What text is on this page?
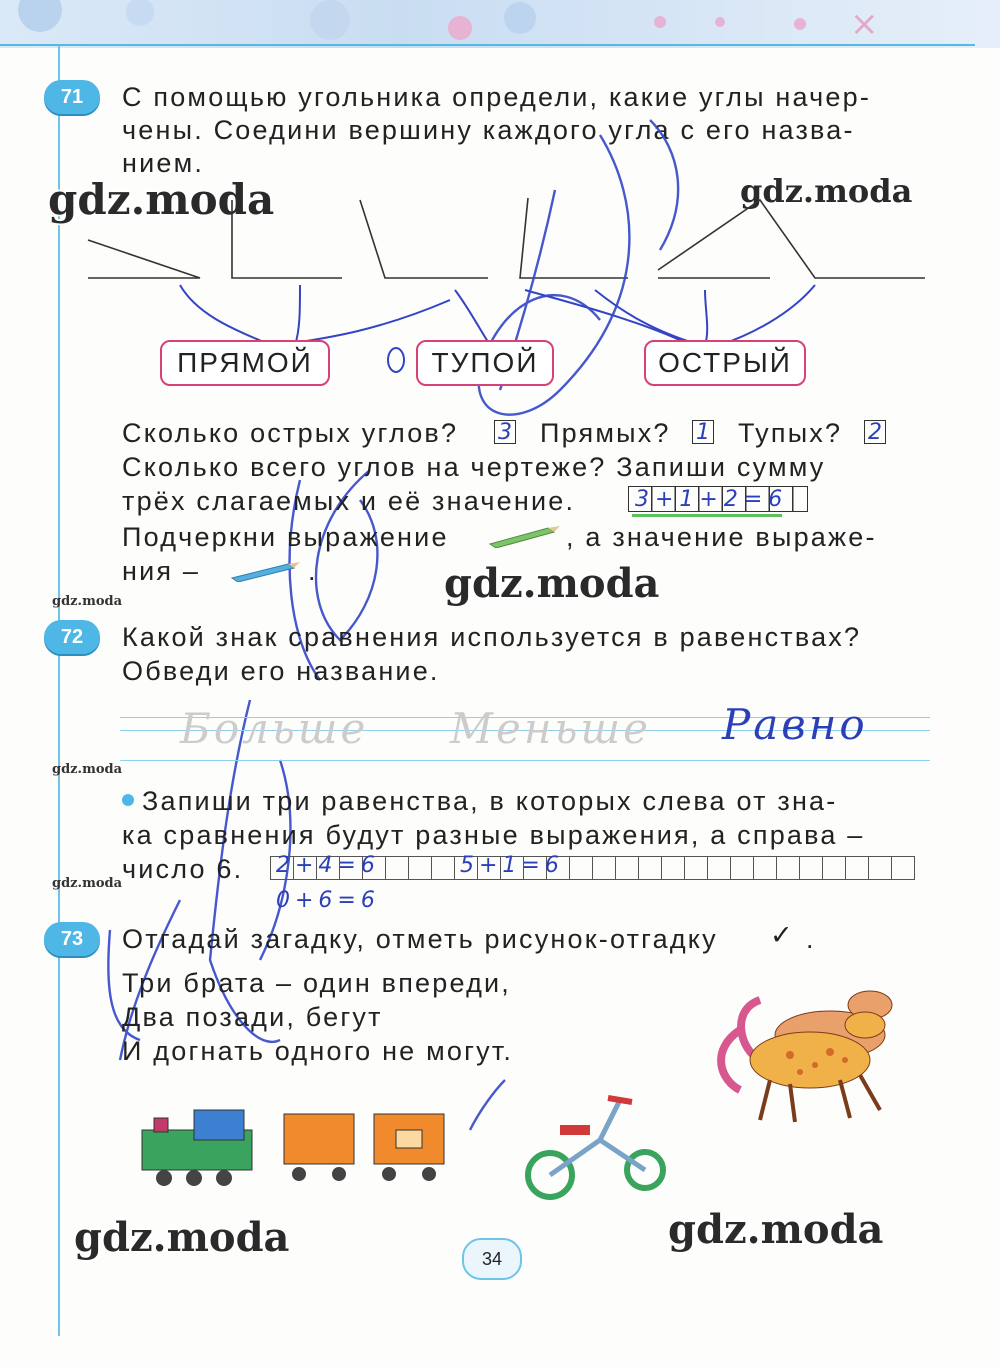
×
71	С помощью угольника определи, какие углы начер-
чены. Соедини вершину каждого угла с его назва-
нием.
gdz.moda	gdz.moda
ПРЯМОЙ	ТУПОЙ	ОСТРЫЙ
Сколько острых углов? 3 Прямых? 1 Тупых? 2
Сколько всего углов на чертеже? Запиши сумму
трёх слагаемых и её значение.	3+1+2=6
Подчеркни выражение	, а значение выраже-
ния –	.	gdz.moda
gdz.moda
72	Какой знак сравнения используется в равенствах?
Обведи его название.
Больше Меньше Равно
gdz.moda
Запиши три равенства, в которых слева от зна-
ка сравнения будут разные выражения, а справа –
число 6.
																											2+4=6	5+1=6
0+6=6
gdz.moda
73	Отгадай загадку, отметь рисунок-отгадку ✓ .
Три брата – один впереди,
Два позади, бегут
И догнать одного не могут.
gdz.moda	gdz.moda
34
